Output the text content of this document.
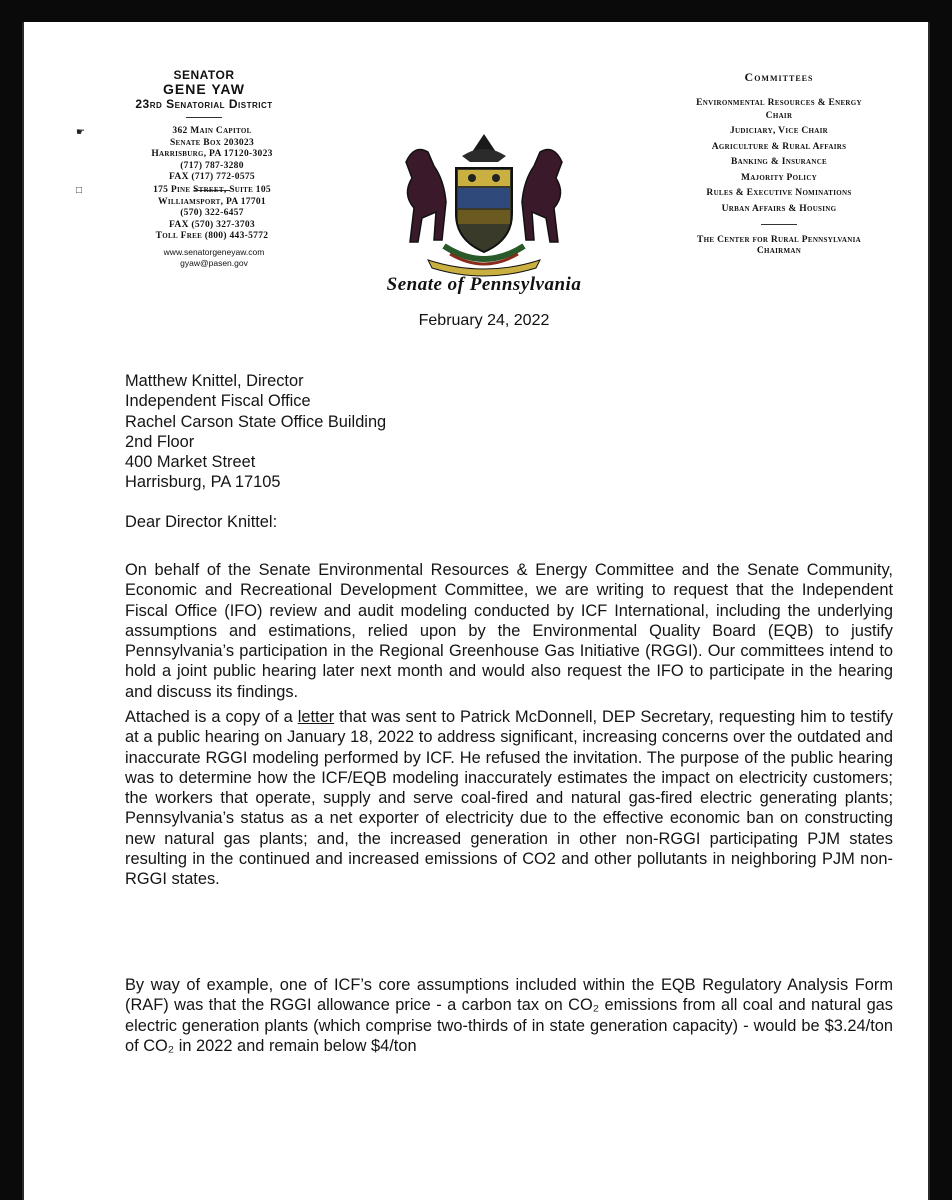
SENATOR
GENE YAW
23rd Senatorial District
☛	362 Main Capitol
Senate Box 203023
Harrisburg, PA 17120-3023
(717) 787-3280
FAX (717) 772-0575
□	175 Pine Street, Suite 105
Williamsport, PA 17701
(570) 322-6457
FAX (570) 327-3703
Toll Free (800) 443-5772
www.senatorgeneyaw.com
gyaw@pasen.gov
Senate of Pennsylvania
February 24, 2022
Committees
Environmental Resources & Energy
Chair
Judiciary, Vice Chair
Agriculture & Rural Affairs
Banking & Insurance
Majority Policy
Rules & Executive Nominations
Urban Affairs & Housing
The Center for Rural Pennsylvania
Chairman
Matthew Knittel, Director
Independent Fiscal Office
Rachel Carson State Office Building
2nd Floor
400 Market Street
Harrisburg, PA 17105
Dear Director Knittel:
On behalf of the Senate Environmental Resources & Energy Committee and the Senate Community, Economic and Recreational Development Committee, we are writing to request that the Independent Fiscal Office (IFO) review and audit modeling conducted by ICF International, including the underlying assumptions and estimations, relied upon by the Environmental Quality Board (EQB) to justify Pennsylvania’s participation in the Regional Greenhouse Gas Initiative (RGGI). Our committees intend to hold a joint public hearing later next month and would also request the IFO to participate in the hearing and discuss its findings.
Attached is a copy of a letter that was sent to Patrick McDonnell, DEP Secretary, requesting him to testify at a public hearing on January 18, 2022 to address significant, increasing concerns over the outdated and inaccurate RGGI modeling performed by ICF. He refused the invitation. The purpose of the public hearing was to determine how the ICF/EQB modeling inaccurately estimates the impact on electricity customers; the workers that operate, supply and serve coal-fired and natural gas-fired electric generating plants; Pennsylvania’s status as a net exporter of electricity due to the effective economic ban on constructing new natural gas plants; and, the increased generation in other non-RGGI participating PJM states resulting in the continued and increased emissions of CO2 and other pollutants in neighboring PJM non-RGGI states.
By way of example, one of ICF’s core assumptions included within the EQB Regulatory Analysis Form (RAF) was that the RGGI allowance price - a carbon tax on CO₂ emissions from all coal and natural gas electric generation plants (which comprise two-thirds of in state generation capacity) - would be $3.24/ton of CO₂ in 2022 and remain below $4/ton
